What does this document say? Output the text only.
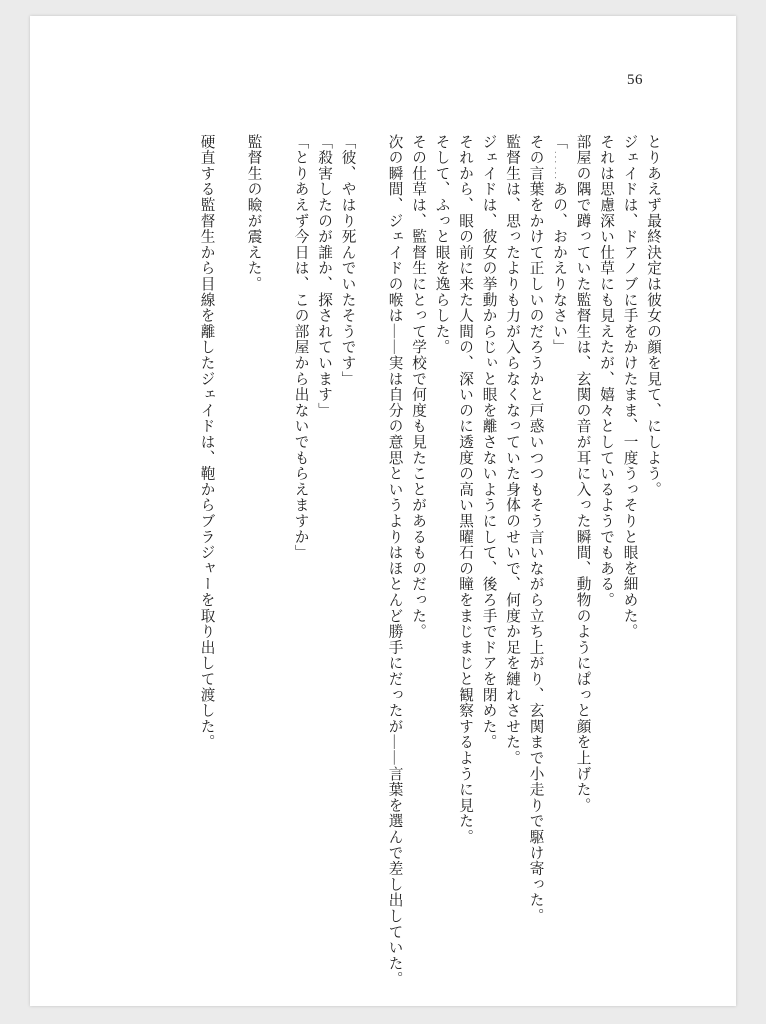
56
とりあえず最終決定は彼女の顔を見て、にしよう。
ジェイドは、ドアノブに手をかけたまま、一度うっそりと眼を細めた。
それは思慮深い仕草にも見えたが、嬉々としているようでもある。
部屋の隅で蹲っていた監督生は、玄関の音が耳に入った瞬間、動物のようにぱっと顔を上げた。
「……あの、おかえりなさい」
その言葉をかけて正しいのだろうかと戸惑いつつもそう言いながら立ち上がり、玄関まで小走りで駆け寄った。
監督生は、思ったよりも力が入らなくなっていた身体のせいで、何度か足を縺れさせた。
ジェイドは、彼女の挙動からじぃと眼を離さないようにして、後ろ手でドアを閉めた。
それから、眼の前に来た人間の、深いのに透度の高い黒曜石の瞳をまじまじと観察するように見た。
そして、ふっと眼を逸らした。
その仕草は、監督生にとって学校で何度も見たことがあるものだった。
次の瞬間、ジェイドの喉は――実は自分の意思というよりはほとんど勝手にだったが――言葉を選んで差し出していた。
「彼、やはり死んでいたそうです」
「殺害したのが誰か、探されています」
「とりあえず今日は、この部屋から出ないでもらえますか」
監督生の瞼が震えた。
硬直する監督生から目線を離したジェイドは、鞄からブラジャーを取り出して渡した。
